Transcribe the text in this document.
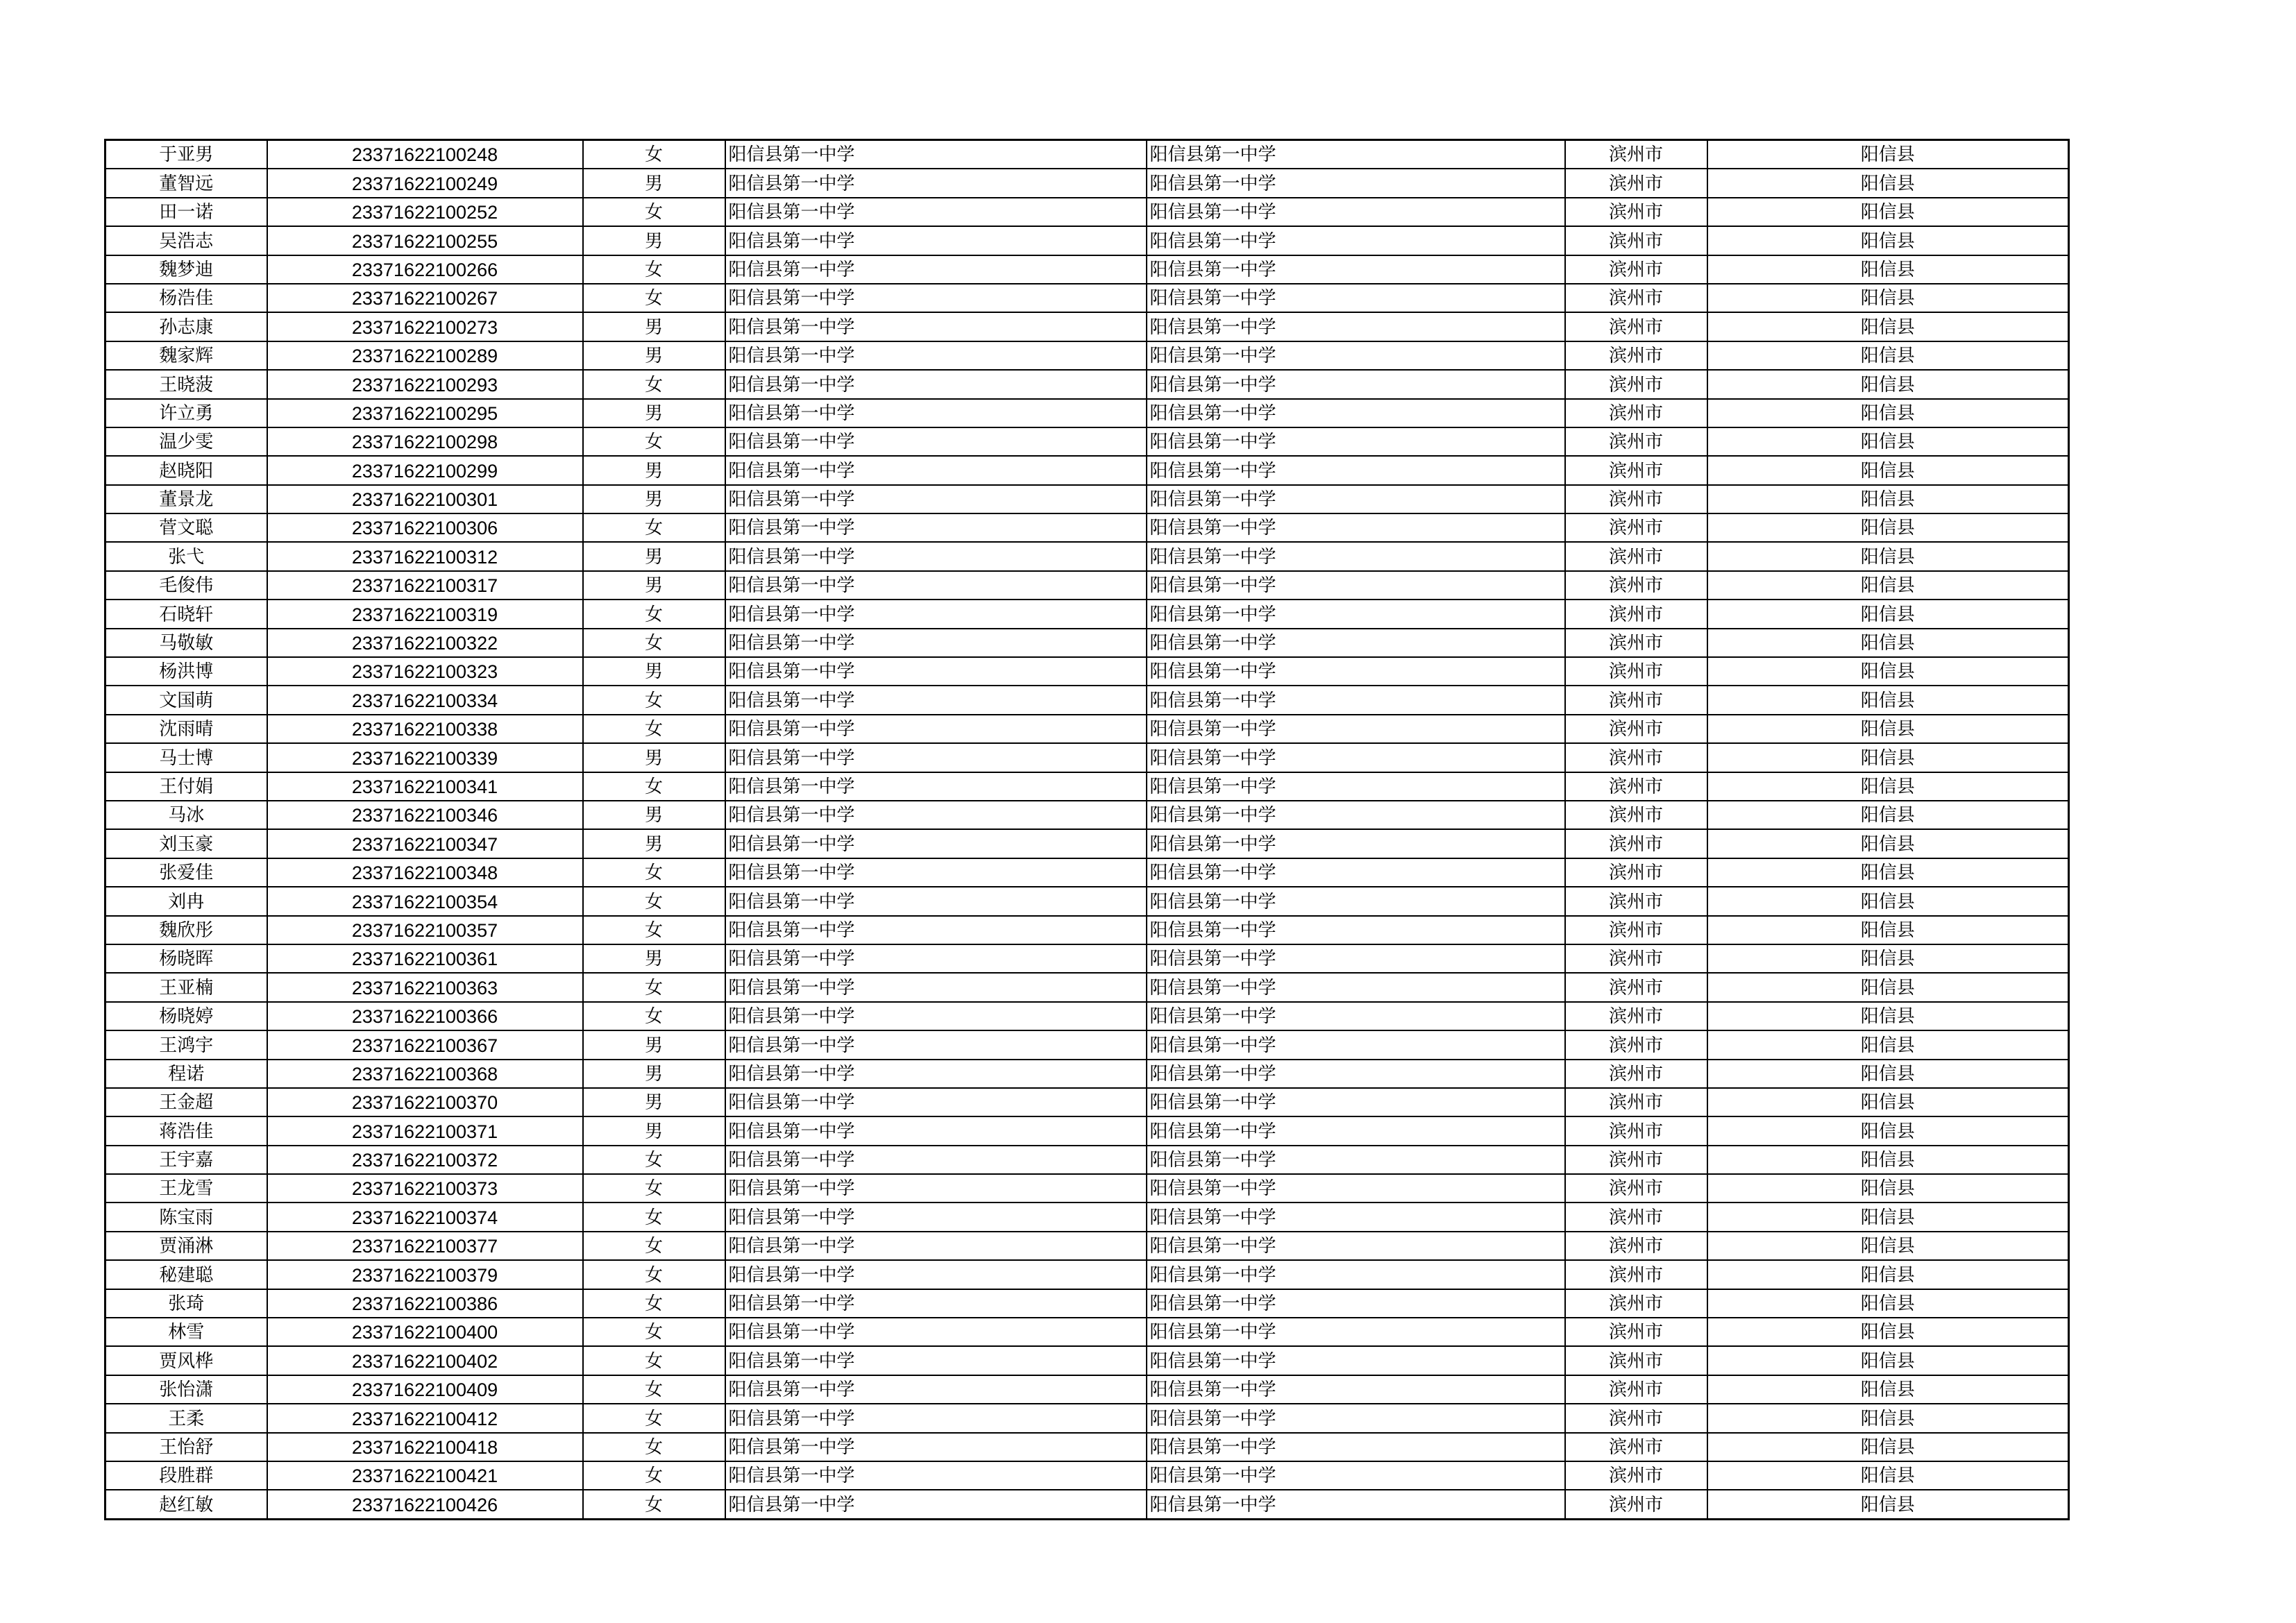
于亚男	23371622100248	女	阳信县第一中学	阳信县第一中学	滨州市	阳信县
董智远	23371622100249	男	阳信县第一中学	阳信县第一中学	滨州市	阳信县
田一诺	23371622100252	女	阳信县第一中学	阳信县第一中学	滨州市	阳信县
吴浩志	23371622100255	男	阳信县第一中学	阳信县第一中学	滨州市	阳信县
魏梦迪	23371622100266	女	阳信县第一中学	阳信县第一中学	滨州市	阳信县
杨浩佳	23371622100267	女	阳信县第一中学	阳信县第一中学	滨州市	阳信县
孙志康	23371622100273	男	阳信县第一中学	阳信县第一中学	滨州市	阳信县
魏家辉	23371622100289	男	阳信县第一中学	阳信县第一中学	滨州市	阳信县
王晓菠	23371622100293	女	阳信县第一中学	阳信县第一中学	滨州市	阳信县
许立勇	23371622100295	男	阳信县第一中学	阳信县第一中学	滨州市	阳信县
温少雯	23371622100298	女	阳信县第一中学	阳信县第一中学	滨州市	阳信县
赵晓阳	23371622100299	男	阳信县第一中学	阳信县第一中学	滨州市	阳信县
董景龙	23371622100301	男	阳信县第一中学	阳信县第一中学	滨州市	阳信县
菅文聪	23371622100306	女	阳信县第一中学	阳信县第一中学	滨州市	阳信县
张弋	23371622100312	男	阳信县第一中学	阳信县第一中学	滨州市	阳信县
毛俊伟	23371622100317	男	阳信县第一中学	阳信县第一中学	滨州市	阳信县
石晓轩	23371622100319	女	阳信县第一中学	阳信县第一中学	滨州市	阳信县
马敬敏	23371622100322	女	阳信县第一中学	阳信县第一中学	滨州市	阳信县
杨洪博	23371622100323	男	阳信县第一中学	阳信县第一中学	滨州市	阳信县
文国萌	23371622100334	女	阳信县第一中学	阳信县第一中学	滨州市	阳信县
沈雨晴	23371622100338	女	阳信县第一中学	阳信县第一中学	滨州市	阳信县
马士博	23371622100339	男	阳信县第一中学	阳信县第一中学	滨州市	阳信县
王付娟	23371622100341	女	阳信县第一中学	阳信县第一中学	滨州市	阳信县
马冰	23371622100346	男	阳信县第一中学	阳信县第一中学	滨州市	阳信县
刘玉豪	23371622100347	男	阳信县第一中学	阳信县第一中学	滨州市	阳信县
张爱佳	23371622100348	女	阳信县第一中学	阳信县第一中学	滨州市	阳信县
刘冉	23371622100354	女	阳信县第一中学	阳信县第一中学	滨州市	阳信县
魏欣彤	23371622100357	女	阳信县第一中学	阳信县第一中学	滨州市	阳信县
杨晓晖	23371622100361	男	阳信县第一中学	阳信县第一中学	滨州市	阳信县
王亚楠	23371622100363	女	阳信县第一中学	阳信县第一中学	滨州市	阳信县
杨晓婷	23371622100366	女	阳信县第一中学	阳信县第一中学	滨州市	阳信县
王鸿宇	23371622100367	男	阳信县第一中学	阳信县第一中学	滨州市	阳信县
程诺	23371622100368	男	阳信县第一中学	阳信县第一中学	滨州市	阳信县
王金超	23371622100370	男	阳信县第一中学	阳信县第一中学	滨州市	阳信县
蒋浩佳	23371622100371	男	阳信县第一中学	阳信县第一中学	滨州市	阳信县
王宇嘉	23371622100372	女	阳信县第一中学	阳信县第一中学	滨州市	阳信县
王龙雪	23371622100373	女	阳信县第一中学	阳信县第一中学	滨州市	阳信县
陈宝雨	23371622100374	女	阳信县第一中学	阳信县第一中学	滨州市	阳信县
贾涌淋	23371622100377	女	阳信县第一中学	阳信县第一中学	滨州市	阳信县
秘建聪	23371622100379	女	阳信县第一中学	阳信县第一中学	滨州市	阳信县
张琦	23371622100386	女	阳信县第一中学	阳信县第一中学	滨州市	阳信县
林雪	23371622100400	女	阳信县第一中学	阳信县第一中学	滨州市	阳信县
贾风桦	23371622100402	女	阳信县第一中学	阳信县第一中学	滨州市	阳信县
张怡潇	23371622100409	女	阳信县第一中学	阳信县第一中学	滨州市	阳信县
王柔	23371622100412	女	阳信县第一中学	阳信县第一中学	滨州市	阳信县
王怡舒	23371622100418	女	阳信县第一中学	阳信县第一中学	滨州市	阳信县
段胜群	23371622100421	女	阳信县第一中学	阳信县第一中学	滨州市	阳信县
赵红敏	23371622100426	女	阳信县第一中学	阳信县第一中学	滨州市	阳信县
